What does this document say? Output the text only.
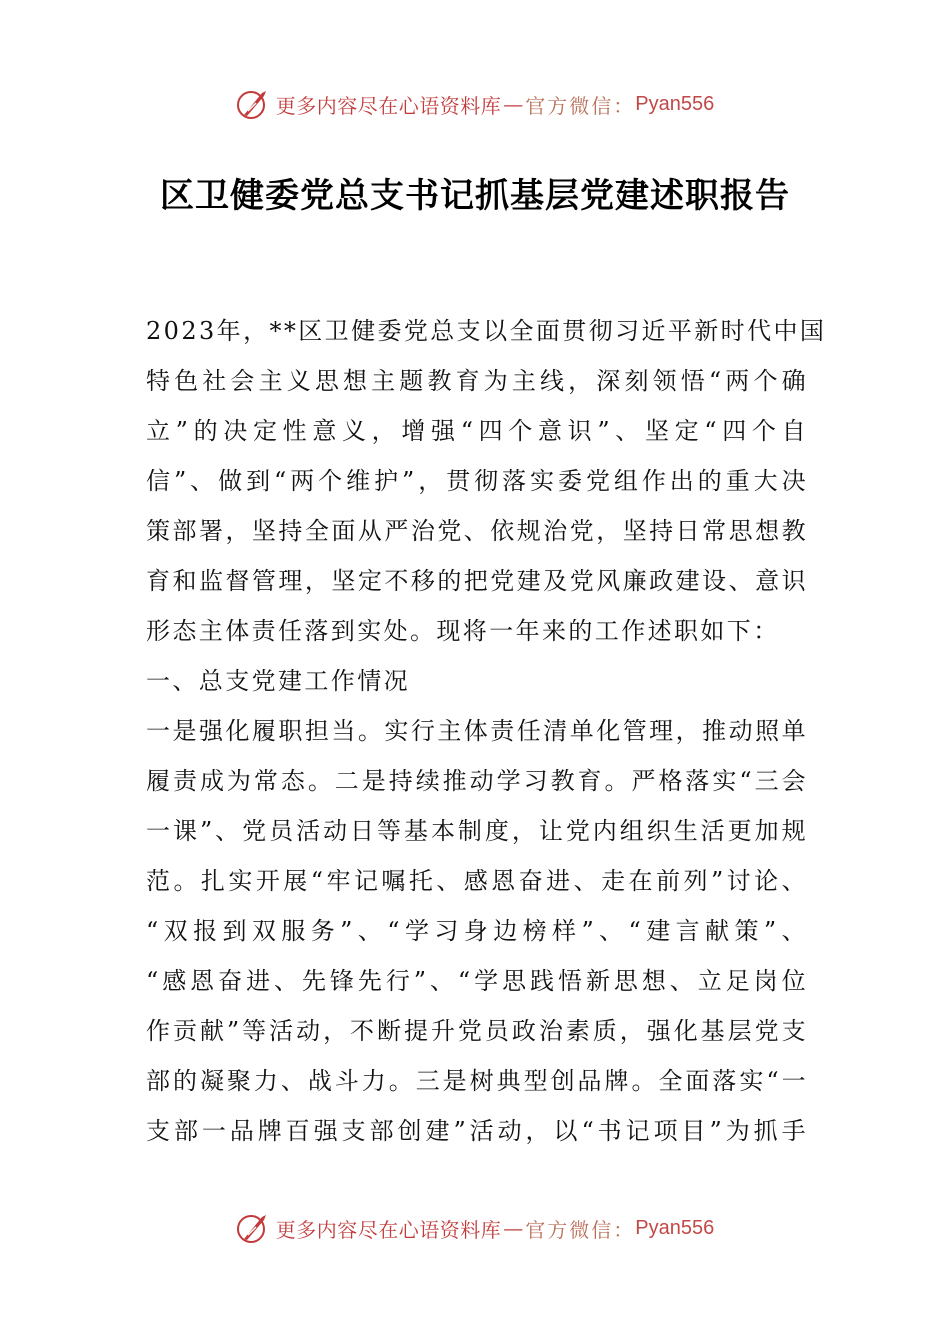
更多内容尽在心语资料库 — 官方微信： Pyan556
区卫健委党总支书记抓基层党建述职报告
2023年，**区卫健委党总支以全面贯彻习近平新时代中国
特色社会主义思想主题教育为主线，深刻领悟“两个确
立”的决定性意义，增强“四个意识”、坚定“四个自
信”、做到“两个维护”，贯彻落实委党组作出的重大决
策部署，坚持全面从严治党、依规治党，坚持日常思想教
育和监督管理，坚定不移的把党建及党风廉政建设、意识
形态主体责任落到实处。现将一年来的工作述职如下：
一、总支党建工作情况
一是强化履职担当。实行主体责任清单化管理，推动照单
履责成为常态。二是持续推动学习教育。严格落实“三会
一课”、党员活动日等基本制度，让党内组织生活更加规
范。扎实开展“牢记嘱托、感恩奋进、走在前列”讨论、
“双报到双服务”、“学习身边榜样”、“建言献策”、
“感恩奋进、先锋先行”、“学思践悟新思想、立足岗位
作贡献”等活动，不断提升党员政治素质，强化基层党支
部的凝聚力、战斗力。三是树典型创品牌。全面落实“一
支部一品牌百强支部创建”活动，以“书记项目”为抓手
更多内容尽在心语资料库 — 官方微信： Pyan556
